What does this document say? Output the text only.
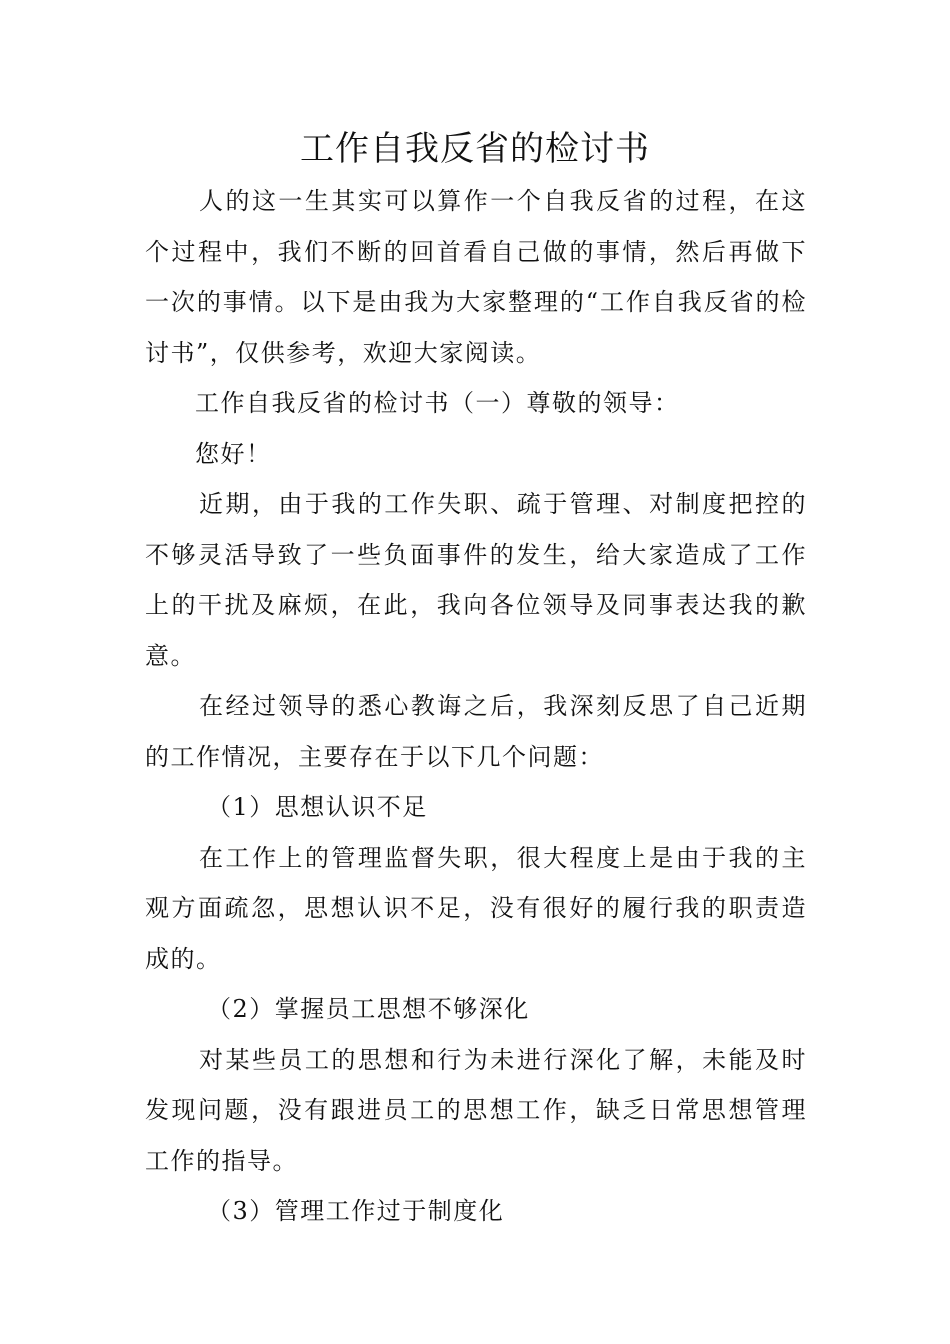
工作自我反省的检讨书

人的这一生其实可以算作一个自我反省的过程，在这个过程中，我们不断的回首看自己做的事情，然后再做下一次的事情。以下是由我为大家整理的“工作自我反省的检讨书”，仅供参考，欢迎大家阅读。

工作自我反省的检讨书（一）尊敬的领导：

您好！

近期，由于我的工作失职、疏于管理、对制度把控的不够灵活导致了一些负面事件的发生，给大家造成了工作上的干扰及麻烦，在此，我向各位领导及同事表达我的歉意。

在经过领导的悉心教诲之后，我深刻反思了自己近期的工作情况，主要存在于以下几个问题：

（1）思想认识不足

在工作上的管理监督失职，很大程度上是由于我的主观方面疏忽，思想认识不足，没有很好的履行我的职责造成的。

（2）掌握员工思想不够深化

对某些员工的思想和行为未进行深化了解，未能及时发现问题，没有跟进员工的思想工作，缺乏日常思想管理工作的指导。

（3）管理工作过于制度化
